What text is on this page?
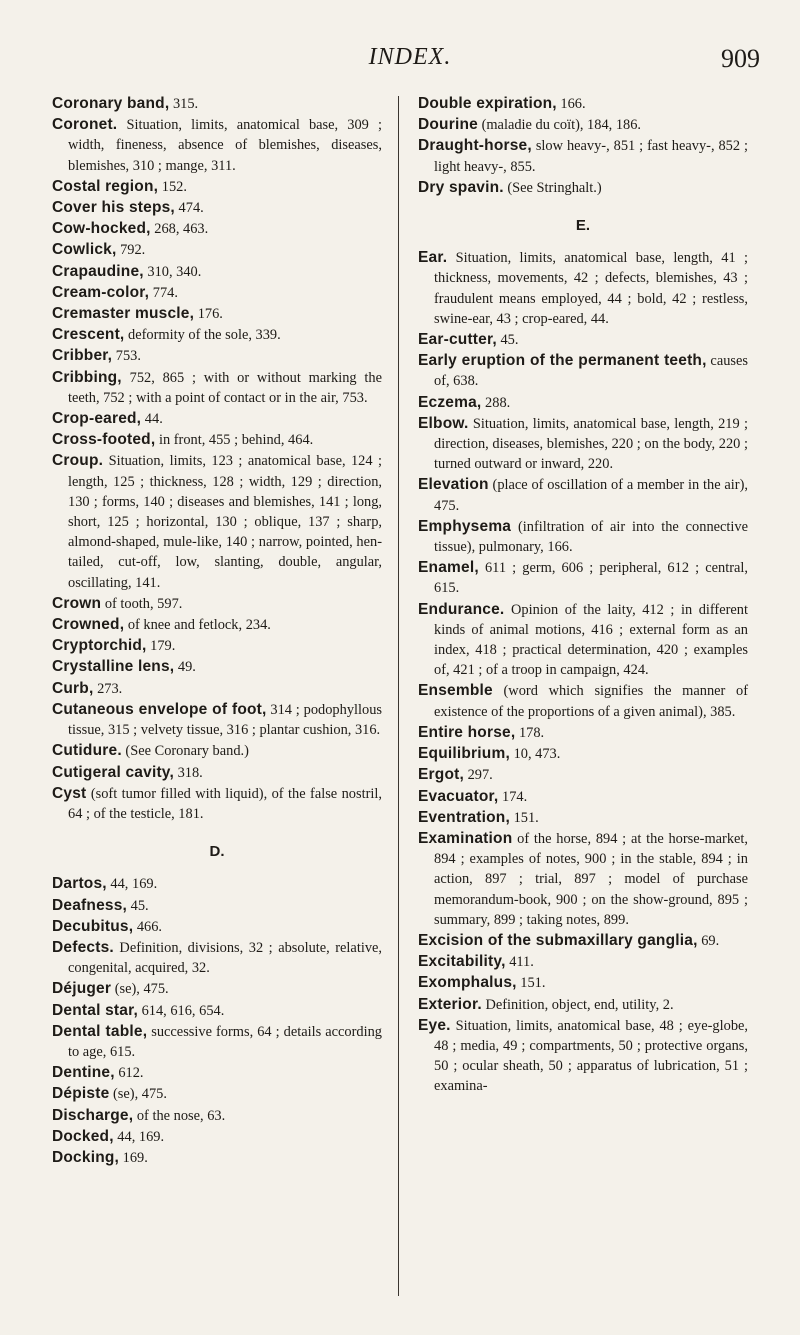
INDEX.	909
Coronary band, 315.
Coronet. Situation, limits, anatomical base, 309 ; width, fineness, absence of blemishes, diseases, blemishes, 310 ; mange, 311.
Costal region, 152.
Cover his steps, 474.
Cow-hocked, 268, 463.
Cowlick, 792.
Crapaudine, 310, 340.
Cream-color, 774.
Cremaster muscle, 176.
Crescent, deformity of the sole, 339.
Cribber, 753.
Cribbing, 752, 865 ; with or without marking the teeth, 752 ; with a point of contact or in the air, 753.
Crop-eared, 44.
Cross-footed, in front, 455 ; behind, 464.
Croup. Situation, limits, 123 ; anatomical base, 124 ; length, 125 ; thickness, 128 ; width, 129 ; direction, 130 ; forms, 140 ; diseases and blemishes, 141 ; long, short, 125 ; horizontal, 130 ; oblique, 137 ; sharp, almond-shaped, mule-like, 140 ; narrow, pointed, hen-tailed, cut-off, low, slanting, double, angular, oscillating, 141.
Crown of tooth, 597.
Crowned, of knee and fetlock, 234.
Cryptorchid, 179.
Crystalline lens, 49.
Curb, 273.
Cutaneous envelope of foot, 314 ; podophyllous tissue, 315 ; velvety tissue, 316 ; plantar cushion, 316.
Cutidure. (See Coronary band.)
Cutigeral cavity, 318.
Cyst (soft tumor filled with liquid), of the false nostril, 64 ; of the testicle, 181.
D.
Dartos, 44, 169.
Deafness, 45.
Decubitus, 466.
Defects. Definition, divisions, 32 ; absolute, relative, congenital, acquired, 32.
Déjuger (se), 475.
Dental star, 614, 616, 654.
Dental table, successive forms, 64 ; details according to age, 615.
Dentine, 612.
Dépiste (se), 475.
Discharge, of the nose, 63.
Docked, 44, 169.
Docking, 169.
Double expiration, 166.
Dourine (maladie du coït), 184, 186.
Draught-horse, slow heavy-, 851 ; fast heavy-, 852 ; light heavy-, 855.
Dry spavin. (See Stringhalt.)
E.
Ear. Situation, limits, anatomical base, length, 41 ; thickness, movements, 42 ; defects, blemishes, 43 ; fraudulent means employed, 44 ; bold, 42 ; restless, swine-ear, 43 ; crop-eared, 44.
Ear-cutter, 45.
Early eruption of the permanent teeth, causes of, 638.
Eczema, 288.
Elbow. Situation, limits, anatomical base, length, 219 ; direction, diseases, blemishes, 220 ; on the body, 220 ; turned outward or inward, 220.
Elevation (place of oscillation of a member in the air), 475.
Emphysema (infiltration of air into the connective tissue), pulmonary, 166.
Enamel, 611 ; germ, 606 ; peripheral, 612 ; central, 615.
Endurance. Opinion of the laity, 412 ; in different kinds of animal motions, 416 ; external form as an index, 418 ; practical determination, 420 ; examples of, 421 ; of a troop in campaign, 424.
Ensemble (word which signifies the manner of existence of the proportions of a given animal), 385.
Entire horse, 178.
Equilibrium, 10, 473.
Ergot, 297.
Evacuator, 174.
Eventration, 151.
Examination of the horse, 894 ; at the horse-market, 894 ; examples of notes, 900 ; in the stable, 894 ; in action, 897 ; trial, 897 ; model of purchase memorandum-book, 900 ; on the show-ground, 895 ; summary, 899 ; taking notes, 899.
Excision of the submaxillary ganglia, 69.
Excitability, 411.
Exomphalus, 151.
Exterior. Definition, object, end, utility, 2.
Eye. Situation, limits, anatomical base, 48 ; eye-globe, 48 ; media, 49 ; compartments, 50 ; protective organs, 50 ; ocular sheath, 50 ; apparatus of lubrication, 51 ; examina-
